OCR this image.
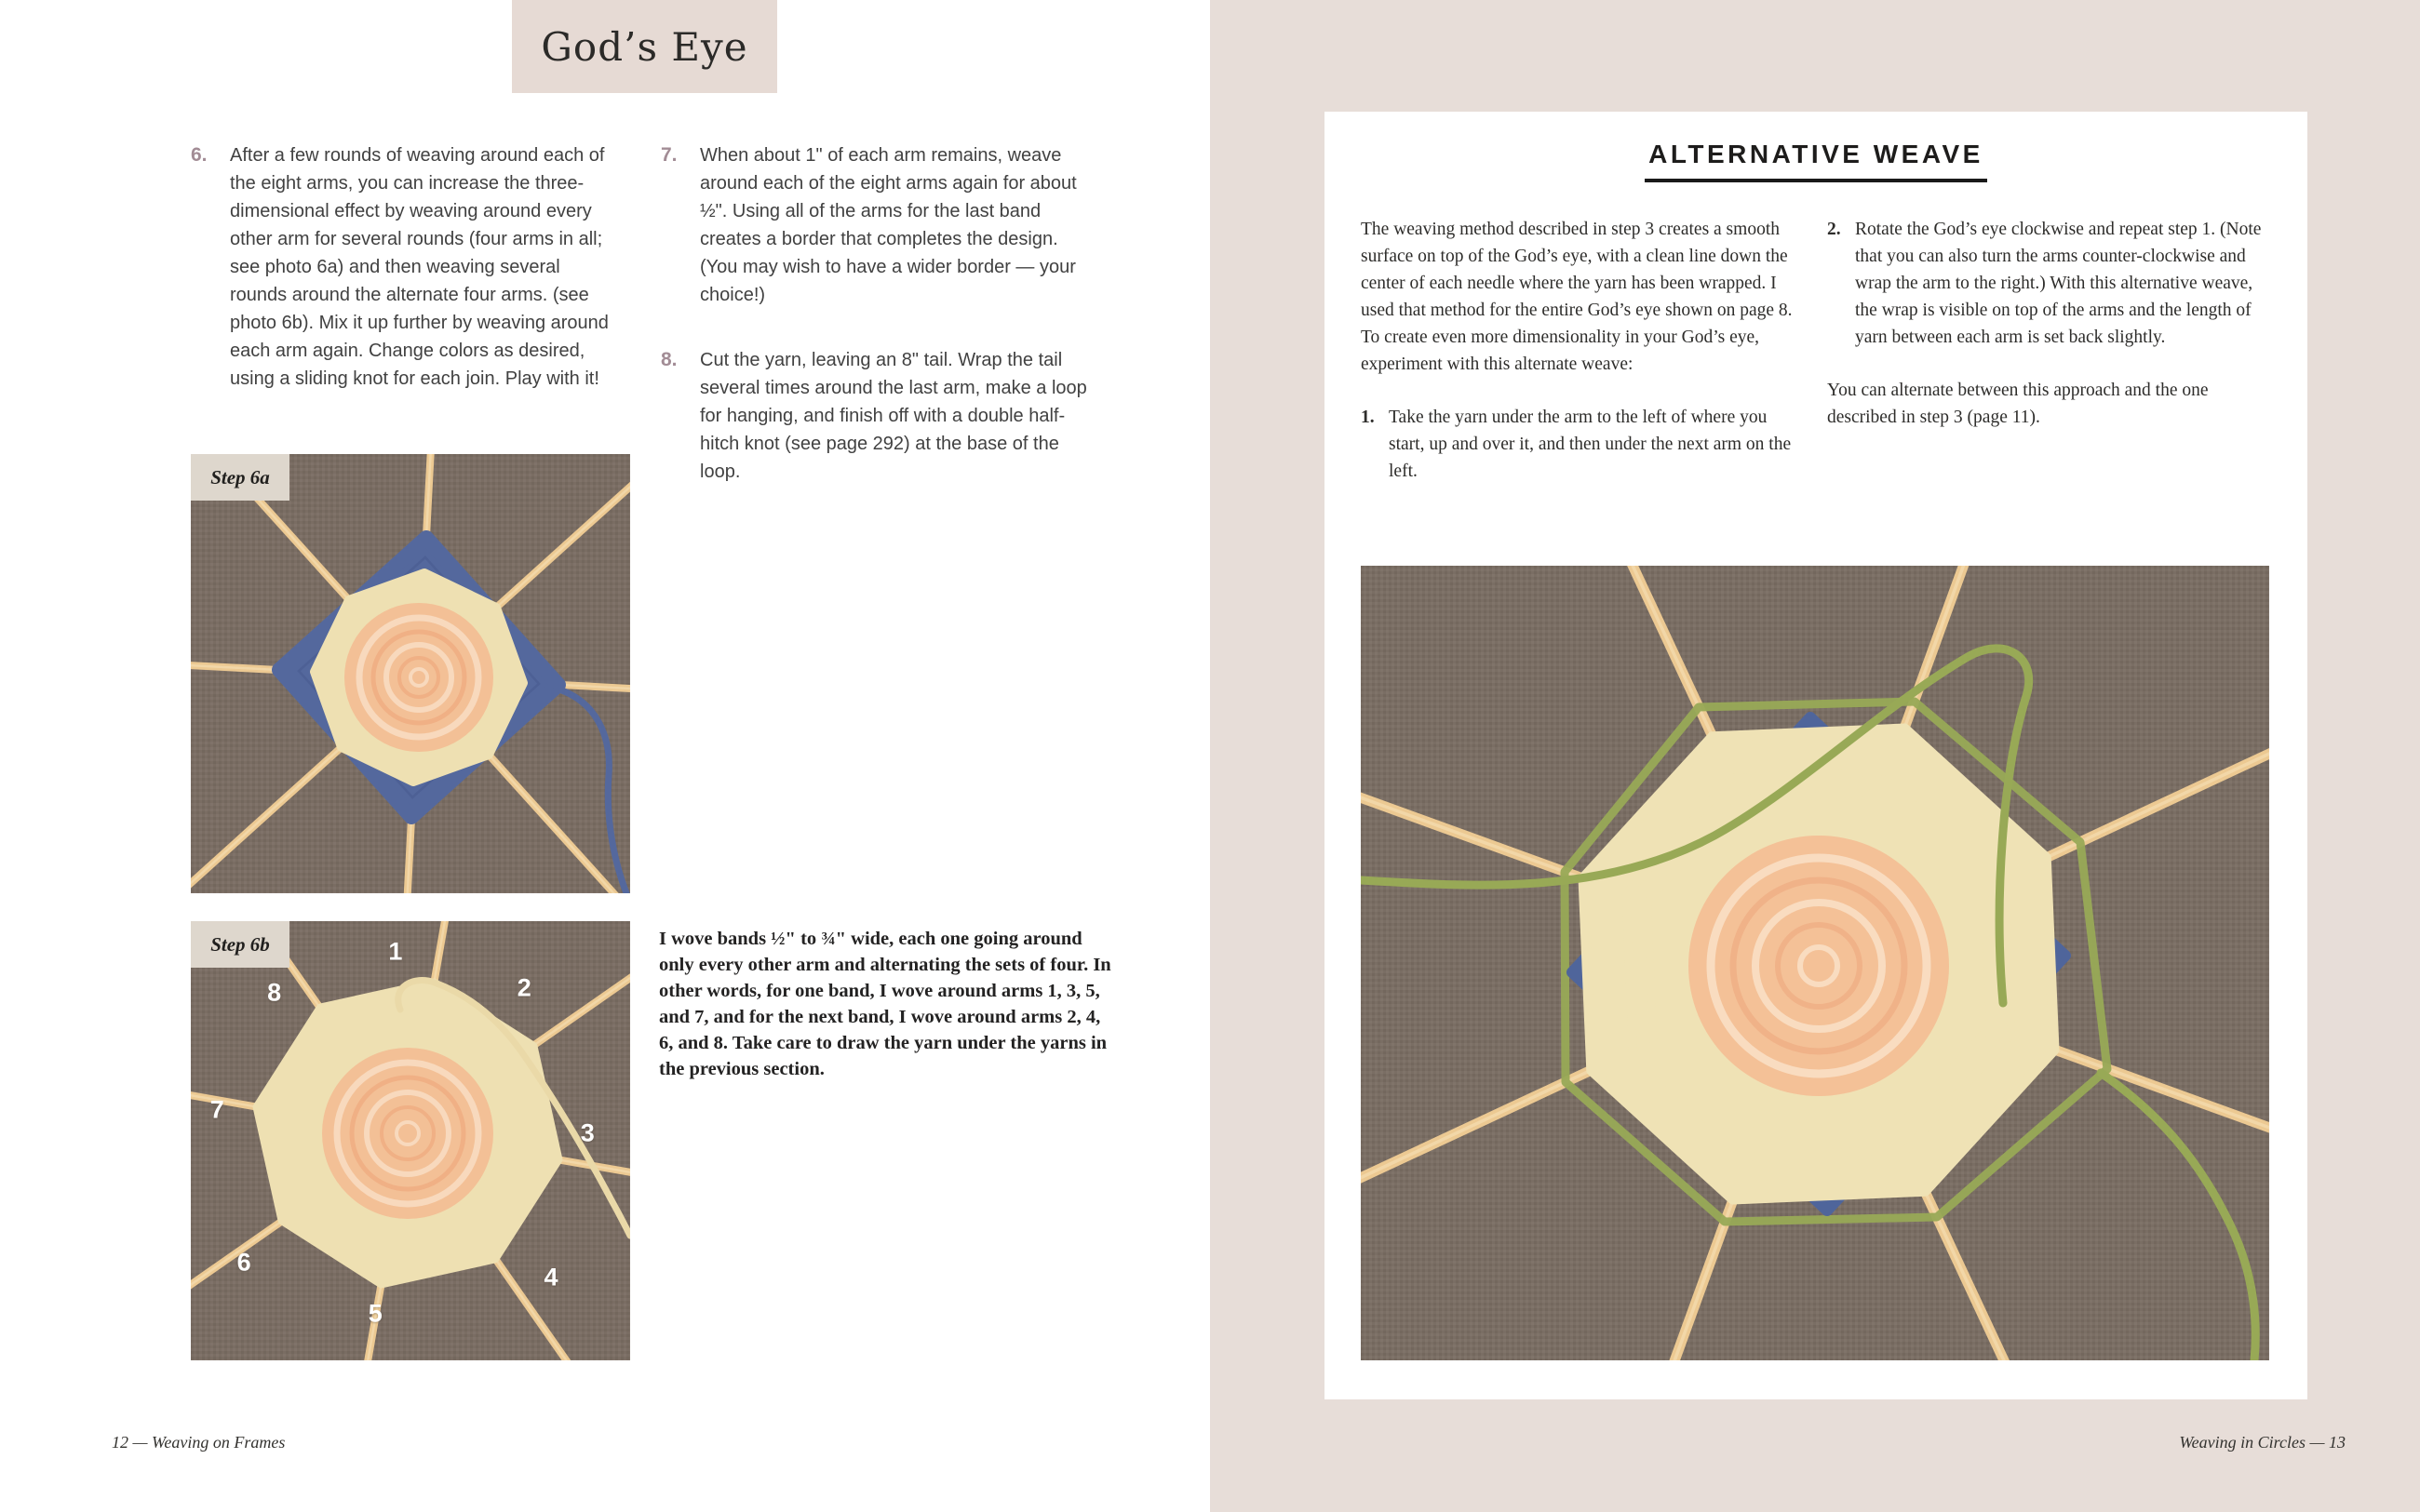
God’s Eye
6.	After a few rounds of weaving around each of the eight arms, you can increase the three-dimensional effect by weaving around every other arm for several rounds (four arms in all; see photo 6a) and then weaving several rounds around the alternate four arms. (see photo 6b). Mix it up further by weaving around each arm again. Change colors as desired, using a sliding knot for each join. Play with it!
7.	When about 1" of each arm remains, weave around each of the eight arms again for about ½". Using all of the arms for the last band creates a border that completes the design. (You may wish to have a wider border — your choice!)
8.	Cut the yarn, leaving an 8" tail. Wrap the tail several times around the last arm, make a loop for hanging, and finish off with a double half-hitch knot (see page 292) at the base of the loop.
Step 6a
Step 6b	1
2
3
4
5
6
7
8
I wove bands ½" to ¾" wide, each one going around only every other arm and alternating the sets of four. In other words, for one band, I wove around arms 1, 3, 5, and 7, and for the next band, I wove around arms 2, 4, 6, and 8. Take care to draw the yarn under the yarns in the previous section.
12 — Weaving on Frames
ALTERNATIVE WEAVE
The weaving method described in step 3 creates a smooth surface on top of the God’s eye, with a clean line down the center of each needle where the yarn has been wrapped. I used that method for the entire God’s eye shown on page 8. To create even more dimensionality in your God’s eye, experiment with this alternate weave:
1. Take the yarn under the arm to the left of where you start, up and over it, and then under the next arm on the left.
2. Rotate the God’s eye clockwise and repeat step 1. (Note that you can also turn the arms counter-clockwise and wrap the arm to the right.) With this alternative weave, the wrap is visible on top of the arms and the length of yarn between each arm is set back slightly.
You can alternate between this approach and the one described in step 3 (page 11).
Weaving in Circles — 13
